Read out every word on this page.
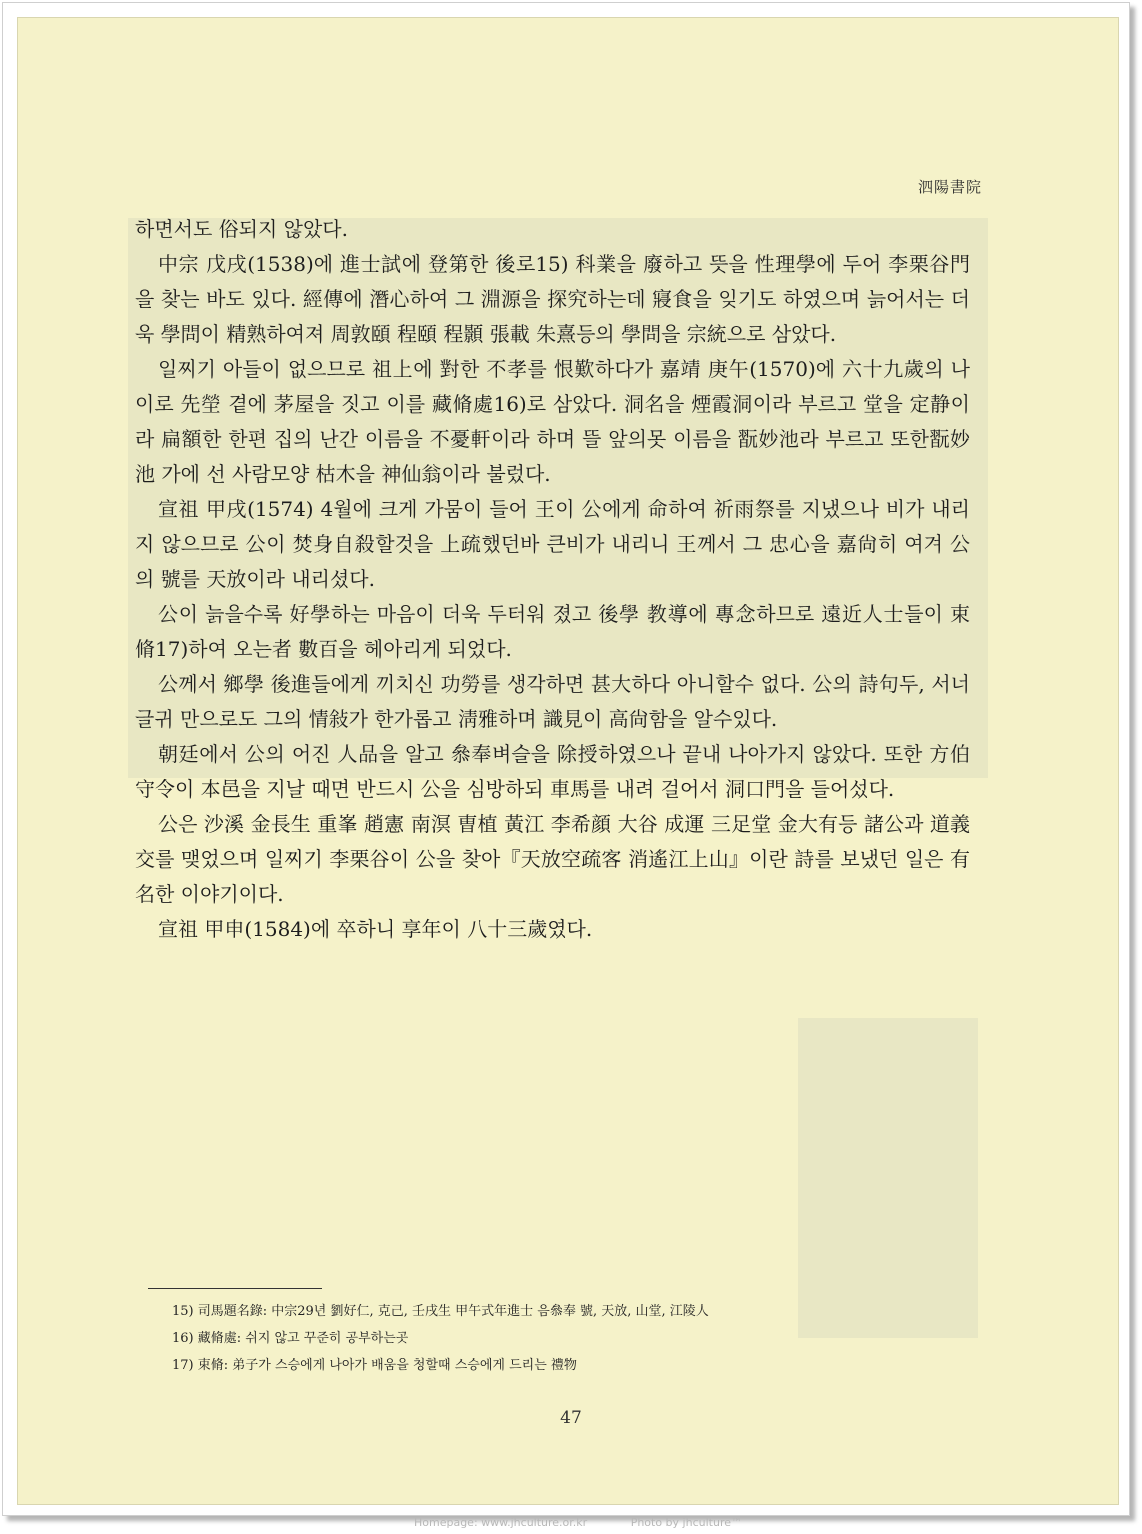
泗陽書院

하면서도 俗되지 않았다.

中宗 戊戌(1538)에 進士試에 登第한 後로15) 科業을 廢하고 뜻을 性理學에 두어 李栗谷門을 찾는 바도 있다. 經傳에 潛心하여 그 淵源을 探究하는데 寢食을 잊기도 하였으며 늙어서는 더욱 學問이 精熟하여져 周敦頤 程頤 程顥 張載 朱熹등의 學問을 宗統으로 삼았다.

일찌기 아들이 없으므로 祖上에 對한 不孝를 恨歎하다가 嘉靖 庚午(1570)에 六十九歲의 나이로 先塋 곁에 茅屋을 짓고 이를 藏脩處16)로 삼았다. 洞名을 煙霞洞이라 부르고 堂을 定静이라 扁額한 한편 집의 난간 이름을 不憂軒이라 하며 뜰 앞의못 이름을 翫妙池라 부르고 또한翫妙池 가에 선 사람모양 枯木을 神仙翁이라 불렀다.

宣祖 甲戌(1574) 4월에 크게 가뭄이 들어 王이 公에게 命하여 祈雨祭를 지냈으나 비가 내리지 않으므로 公이 焚身自殺할것을 上疏했던바 큰비가 내리니 王께서 그 忠心을 嘉尙히 여겨 公의 號를 天放이라 내리셨다.

公이 늙을수록 好學하는 마음이 더욱 두터워 졌고 後學 教導에 專念하므로 遠近人士들이 束脩17)하여 오는者 數百을 헤아리게 되었다.

公께서 鄉學 後進들에게 끼치신 功勞를 생각하면 甚大하다 아니할수 없다. 公의 詩句두, 서너 글귀 만으로도 그의 情敍가 한가롭고 淸雅하며 識見이 高尙함을 알수있다.

朝廷에서 公의 어진 人品을 알고 叅奉벼슬을 除授하였으나 끝내 나아가지 않았다. 또한 方伯 守令이 本邑을 지날 때면 반드시 公을 심방하되 車馬를 내려 걸어서 洞口門을 들어섰다.

公은 沙溪 金長生 重峯 趙憲 南溟 曺植 黃江 李希顔 大谷 成運 三足堂 金大有등 諸公과 道義交를 맺었으며 일찌기 李栗谷이 公을 찾아『天放空疏客 消遙江上山』이란 詩를 보냈던 일은 有名한 이야기이다.

宣祖 甲申(1584)에 卒하니 享年이 八十三歲였다.

15) 司馬題名錄: 中宗29년 劉好仁, 克己, 壬戌生 甲午式年進士 음叅奉 號, 天放, 山堂, 江陵人
16) 藏脩處: 쉬지 않고 꾸준히 공부하는곳
17) 束脩: 弟子가 스승에게 나아가 배움을 청할때 스승에게 드리는 禮物
47
Homepage: www.jhculture.or.kr	Photo by jhculture™
